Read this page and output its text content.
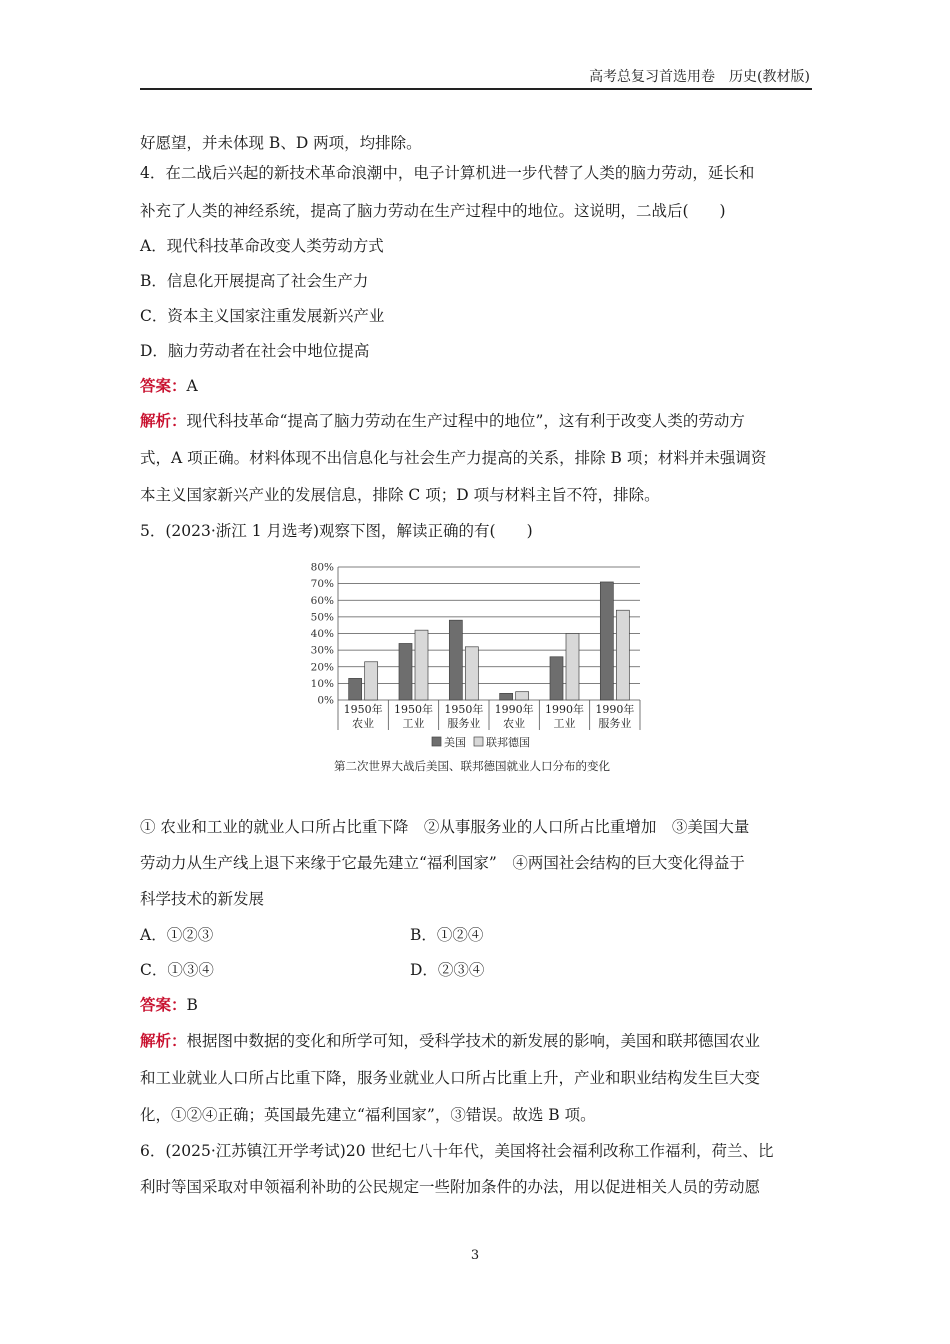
高考总复习首选用卷　历史(教材版)
好愿望，并未体现 B、D 两项，均排除。
4．在二战后兴起的新技术革命浪潮中，电子计算机进一步代替了人类的脑力劳动，延长和
补充了人类的神经系统，提高了脑力劳动在生产过程中的地位。这说明，二战后(　　)
A．现代科技革命改变人类劳动方式
B．信息化开展提高了社会生产力
C．资本主义国家注重发展新兴产业
D．脑力劳动者在社会中地位提高
答案：A
解析：现代科技革命“提高了脑力劳动在生产过程中的地位”，这有利于改变人类的劳动方
式，A 项正确。材料体现不出信息化与社会生产力提高的关系，排除 B 项；材料并未强调资
本主义国家新兴产业的发展信息，排除 C 项；D 项与材料主旨不符，排除。
5．(2023·浙江 1 月选考)观察下图，解读正确的有(　　)
0%
10%
20%
30%
40%
50%
60%
70%
80%
1950年
农业
1950年
工业
1950年
服务业
1990年
农业
1990年
工业
1990年
服务业
美国 联邦德国
第二次世界大战后美国、联邦德国就业人口分布的变化
① 农业和工业的就业人口所占比重下降　②从事服务业的人口所占比重增加　③美国大量
劳动力从生产线上退下来缘于它最先建立“福利国家”　④两国社会结构的巨大变化得益于
科学技术的新发展
A．①②③	B．①②④
C．①③④	D．②③④
答案：B
解析：根据图中数据的变化和所学可知，受科学技术的新发展的影响，美国和联邦德国农业
和工业就业人口所占比重下降，服务业就业人口所占比重上升，产业和职业结构发生巨大变
化，①②④正确；英国最先建立“福利国家”，③错误。故选 B 项。
6．(2025·江苏镇江开学考试)20 世纪七八十年代，美国将社会福利改称工作福利，荷兰、比
利时等国采取对申领福利补助的公民规定一些附加条件的办法，用以促进相关人员的劳动愿
3
